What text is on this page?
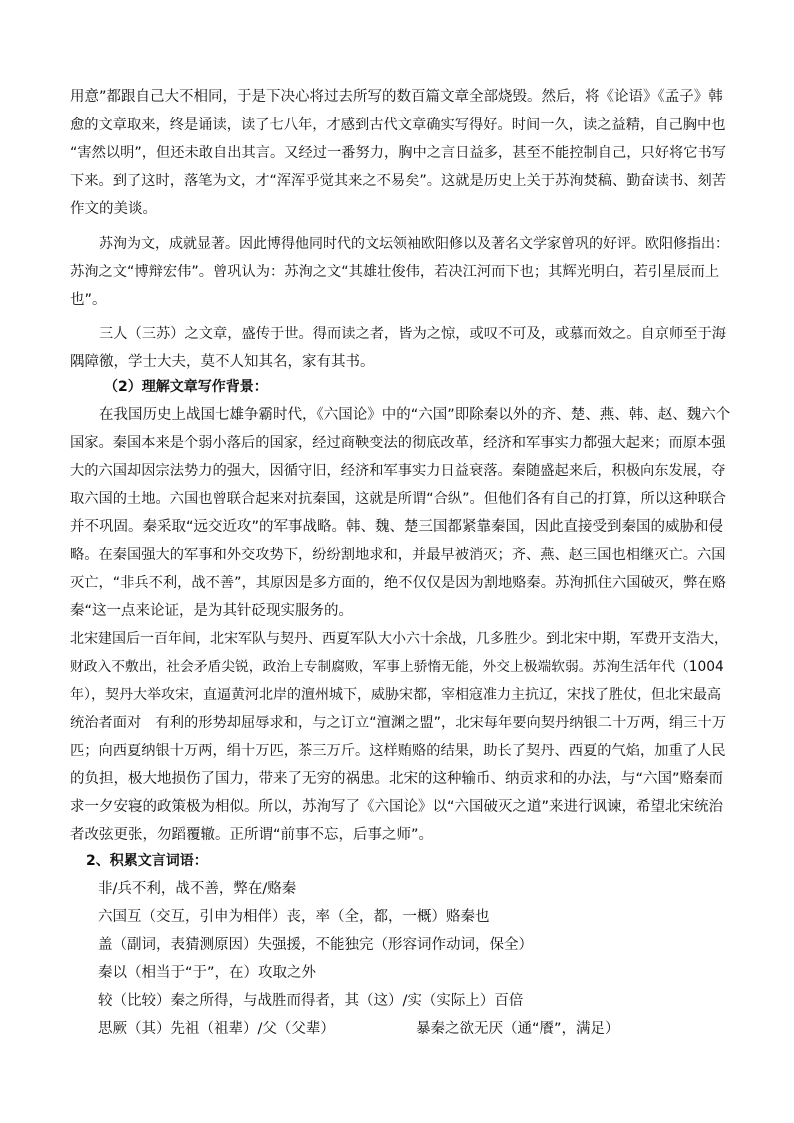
用意”都跟自己大不相同，于是下决心将过去所写的数百篇文章全部烧毁。然后，将《论语》《孟子》韩
愈的文章取来，终是诵读，读了七八年，才感到古代文章确实写得好。时间一久，读之益精，自己胸中也
“害然以明”，但还未敢自出其言。又经过一番努力，胸中之言日益多，甚至不能控制自己，只好将它书写
下来。到了这时，落笔为文，才“浑浑乎觉其来之不易矣”。这就是历史上关于苏洵焚稿、勤奋读书、刻苦
作文的美谈。
苏洵为文，成就显著。因此博得他同时代的文坛领袖欧阳修以及著名文学家曾巩的好评。欧阳修指出：
苏洵之文“博辩宏伟”。曾巩认为：苏洵之文“其雄壮俊伟，若决江河而下也；其辉光明白，若引星辰而上
也”。
三人（三苏）之文章，盛传于世。得而读之者，皆为之惊，或叹不可及，或慕而效之。自京师至于海
隅障徼，学士大夫，莫不人知其名，家有其书。
（2）理解文章写作背景：
在我国历史上战国七雄争霸时代，《六国论》中的“六国”即除秦以外的齐、楚、燕、韩、赵、魏六个
国家。秦国本来是个弱小落后的国家，经过商鞅变法的彻底改革，经济和军事实力都强大起来；而原本强
大的六国却因宗法势力的强大，因循守旧，经济和军事实力日益衰落。秦随盛起来后，积极向东发展，夺
取六国的土地。六国也曾联合起来对抗秦国，这就是所谓“合纵”。但他们各有自己的打算，所以这种联合
并不巩固。秦采取“远交近攻”的军事战略。韩、魏、楚三国都紧靠秦国，因此直接受到秦国的威胁和侵
略。在秦国强大的军事和外交攻势下，纷纷割地求和，并最早被消灭；齐、燕、赵三国也相继灭亡。六国
灭亡，“非兵不利，战不善”，其原因是多方面的，绝不仅仅是因为割地赂秦。苏洵抓住六国破灭，弊在赂
秦“这一点来论证，是为其针砭现实服务的。
北宋建国后一百年间，北宋军队与契丹、西夏军队大小六十余战，几多胜少。到北宋中期，军费开支浩大，
财政入不敷出，社会矛盾尖锐，政治上专制腐败，军事上骄惰无能，外交上极端软弱。苏洵生活年代（1004
年），契丹大举攻宋，直逼黄河北岸的澶州城下，威胁宋都，宰相寇准力主抗辽，宋找了胜仗，但北宋最高
统治者面对　有利的形势却屈辱求和，与之订立“澶渊之盟”，北宋每年要向契丹纳银二十万两，绢三十万
匹；向西夏纳银十万两，绢十万匹，茶三万斤。这样贿赂的结果，助长了契丹、西夏的气焰，加重了人民
的负担，极大地损伤了国力，带来了无穷的祸患。北宋的这种输币、纳贡求和的办法，与“六国”赂秦而
求一夕安寝的政策极为相似。所以，苏洵写了《六国论》以“六国破灭之道”来进行讽谏，希望北宋统治
者改弦更张，勿蹈覆辙。正所谓“前事不忘，后事之师”。
2、积累文言词语：
非/兵不利，战不善，弊在/赂秦
六国互（交互，引申为相伴）丧，率（全，都，一概）赂秦也
盖（副词，表猜测原因）失强援，不能独完（形容词作动词，保全）
秦以（相当于“于”，在）攻取之外
较（比较）秦之所得，与战胜而得者，其（这）/实（实际上）百倍
思厥（其）先祖（祖辈）/父（父辈）	暴秦之欲无厌（通“餍”，满足）
